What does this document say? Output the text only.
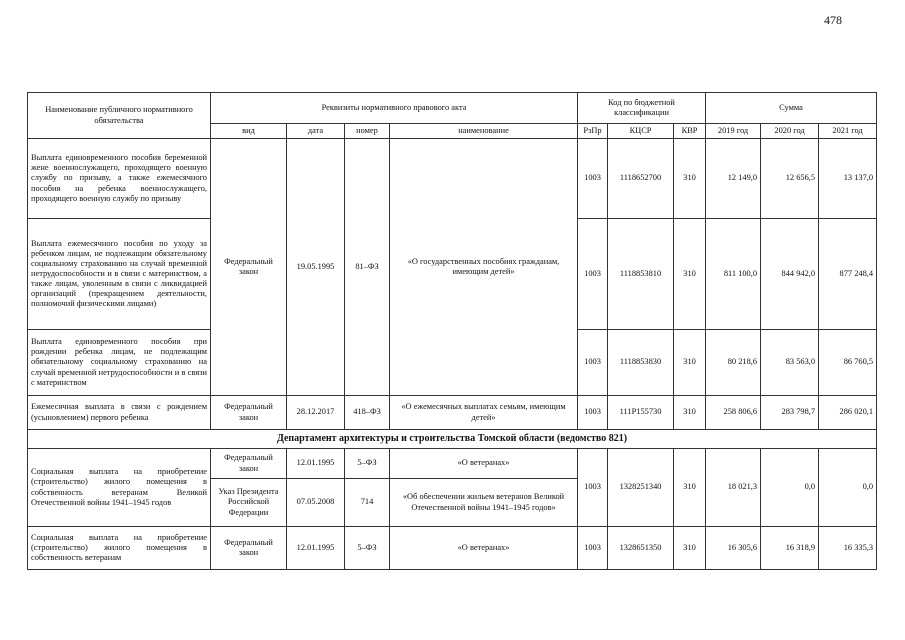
478
Наименование публичного нормативного обязательства	Реквизиты нормативного правового акта				Код по бюджетной классификации			Сумма		
	вид	дата	номер	наименование	РзПр	КЦСР	КВР	2019 год	2020 год	2021 год
Выплата единовременного пособия беременной жене военнослужащего, проходящего военную службу по призыву, а также ежемесячного пособия на ребенка военнослужащего, проходящего военную службу по призыву	Федеральный закон	19.05.1995	81–ФЗ	«О государственных пособиях гражданам, имеющим детей»	1003	1118652700	310	12 149,0	12 656,5	13 137,0
Выплата ежемесячного пособия по уходу за ребенком лицам, не подлежащим обязательному социальному страхованию на случай временной нетрудоспособности и в связи с материнством, а также лицам, уволенным в связи с ликвидацией организаций (прекращением деятельности, полномочий физическими лицами)					1003	1118853810	310	811 100,0	844 942,0	877 248,4
Выплата единовременного пособия при рождении ребенка лицам, не подлежащим обязательному социальному страхованию на случай временной нетрудоспособности и в связи с материнством					1003	1118853830	310	80 218,6	83 563,0	86 760,5
Ежемесячная выплата в связи с рождением (усыновлением) первого ребенка	Федеральный закон	28.12.2017	418–ФЗ	«О ежемесячных выплатах семьям, имеющим детей»	1003	111P155730	310	258 806,6	283 798,7	286 020,1
Департамент архитектуры и строительства Томской области (ведомство 821)										
Социальная выплата на приобретение (строительство) жилого помещения в собственность ветеранам Великой Отечественной войны 1941–1945 годов	Федеральный закон	12.01.1995	5–ФЗ	«О ветеранах»	1003	1328251340	310	18 021,3	0,0	0,0
	Указ Президента Российской Федерации	07.05.2008	714	«Об обеспечении жильем ветеранов Великой Отечественной войны 1941–1945 годов»						
Социальная выплата на приобретение (строительство) жилого помещения в собственность ветеранам	Федеральный закон	12.01.1995	5–ФЗ	«О ветеранах»	1003	1328651350	310	16 305,6	16 318,9	16 335,3
